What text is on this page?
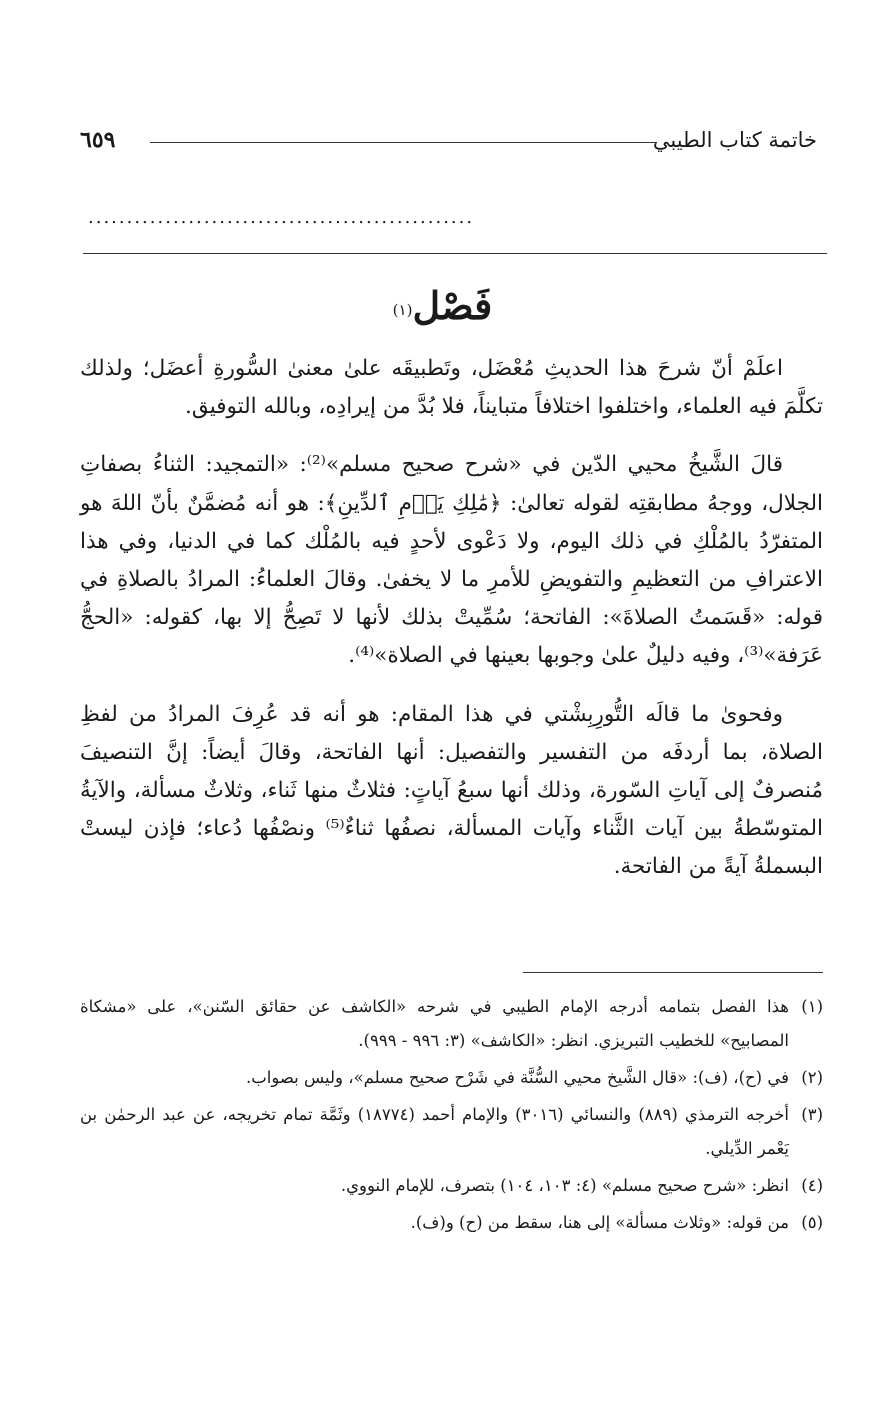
خاتمة كتاب الطيبي
٦٥٩
..................................................
فَصْل$^{(١)}$

اعلَمْ أنّ شرحَ هذا الحديثِ مُعْضَل، وتَطبيقَه علىٰ معنىٰ السُّورةِ أعضَل؛ ولذلك تكلَّمَ فيه العلماء، واختلفوا اختلافاً متبايناً، فلا بُدَّ من إيرادِه، وبالله التوفيق.

قالَ الشَّيخُ محيي الدّين في «شرح صحيح مسلم»⁽²⁾: «التمجيد: الثناءُ بصفاتِ الجلال، ووجهُ مطابقتِه لقوله تعالىٰ: ﴿مَٰلِكِ يَوۡمِ ٱلدِّينِ﴾: هو أنه مُضمَّنٌ بأنّ اللهَ هو المتفرّدُ بالمُلْكِ في ذلك اليوم، ولا دَعْوى لأحدٍ فيه بالمُلْك كما في الدنيا، وفي هذا الاعترافِ من التعظيمِ والتفويضِ للأمرِ ما لا يخفىٰ. وقالَ العلماءُ: المرادُ بالصلاةِ في قوله: «قَسَمتُ الصلاةَ»: الفاتحة؛ سُمِّيتْ بذلك لأنها لا تَصِحُّ إلا بها، كقوله: «الحجُّ عَرَفة»⁽³⁾، وفيه دليلٌ علىٰ وجوبها بعينها في الصلاة»⁽⁴⁾.

وفحوىٰ ما قالَه التُّورِبِشْتي في هذا المقام: هو أنه قد عُرِفَ المرادُ من لفظِ الصلاة، بما أردفَه من التفسير والتفصيل: أنها الفاتحة، وقالَ أيضاً: إنَّ التنصيفَ مُنصرفٌ إلى آياتِ السّورة، وذلك أنها سبعُ آياتٍ: فثلاثٌ منها ثَناء، وثلاثٌ مسألة، والآيةُ المتوسّطةُ بين آيات الثَّناء وآيات المسألة، نصفُها ثناءٌ⁽⁵⁾ ونصْفُها دُعاء؛ فإذن ليستْ البسملةُ آيةً من الفاتحة.

(١)
هذا الفصل بتمامه أدرجه الإمام الطيبي في شرحه «الكاشف عن حقائق السّنن»، على «مشكاة المصابيح» للخطيب التبريزي. انظر: «الكاشف» (٣: ٩٩٦ - ٩٩٩).
(٢)
في (ح)، (ف): «قال الشَّيخ محيي السُّنَّة في شَرْح صحيح مسلم»، وليس بصواب.
(٣)
أخرجه الترمذي (٨٨٩) والنسائي (٣٠١٦) والإمام أحمد (١٨٧٧٤) وثَمَّة تمام تخريجه، عن عبد الرحمٰن بن يَعْمر الدِّيلي.
(٤)
انظر: «شرح صحيح مسلم» (٤: ١٠٣، ١٠٤) بتصرف، للإمام النووي.
(٥)
من قوله: «وثلاث مسألة» إلى هنا، سقط من (ح) و(ف).
